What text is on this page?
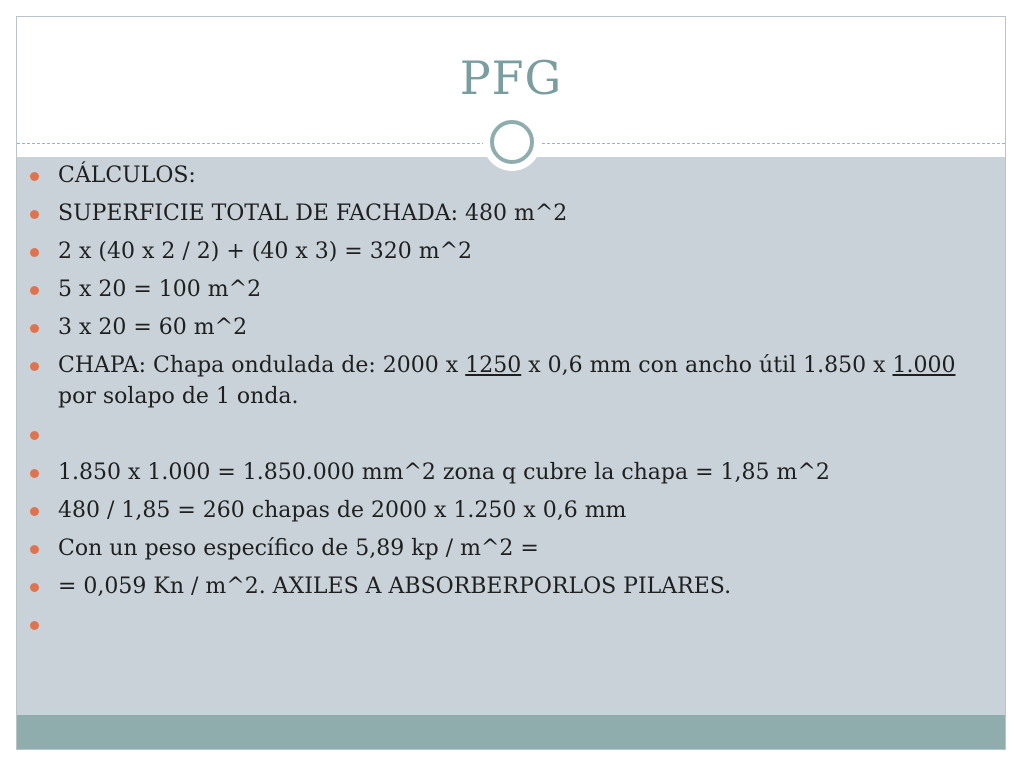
PFG
CÁLCULOS:
SUPERFICIE TOTAL DE FACHADA: 480 m^2
2 x (40 x 2 / 2) + (40 x 3) = 320 m^2
5 x 20 = 100 m^2
3 x 20 = 60 m^2
CHAPA: Chapa ondulada de: 2000 x 1250 x 0,6 mm con ancho útil 1.850 x 1.000 por solapo de 1 onda.
1.850 x 1.000 = 1.850.000 mm^2 zona q cubre la chapa = 1,85 m^2
480 / 1,85 = 260 chapas de 2000 x 1.250 x 0,6 mm
Con un peso específico de 5,89 kp / m^2 =
= 0,059 Kn / m^2. AXILES A ABSORBERPORLOS PILARES.
